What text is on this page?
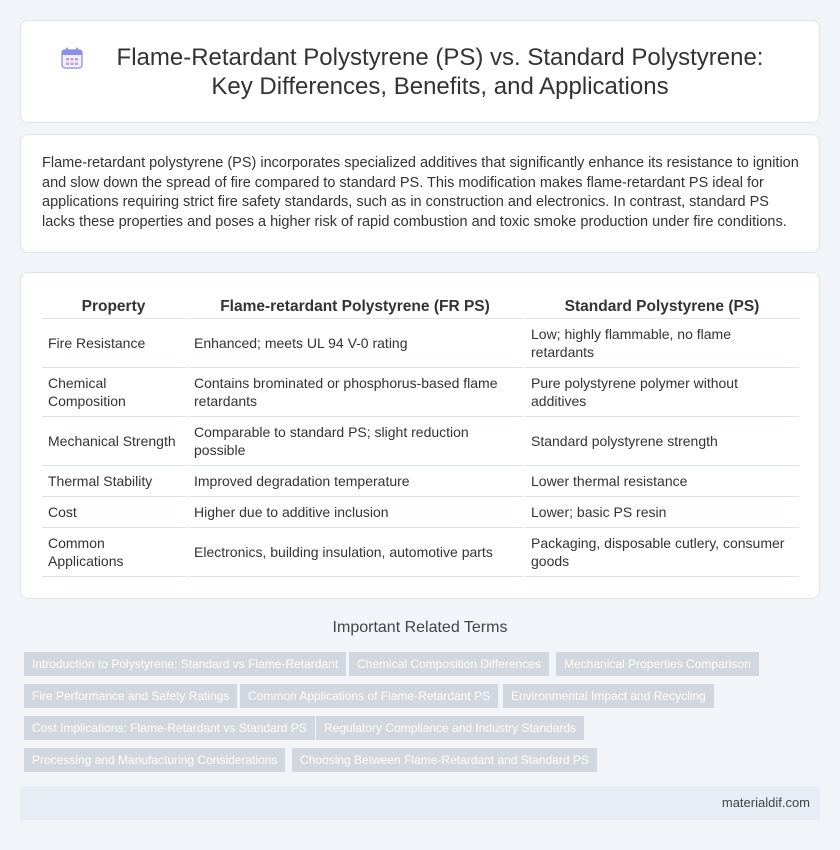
Flame-Retardant Polystyrene (PS) vs. Standard Polystyrene: Key Differences, Benefits, and Applications

Flame-retardant polystyrene (PS) incorporates specialized additives that significantly enhance its resistance to ignition and slow down the spread of fire compared to standard PS. This modification makes flame-retardant PS ideal for applications requiring strict fire safety standards, such as in construction and electronics. In contrast, standard PS lacks these properties and poses a higher risk of rapid combustion and toxic smoke production under fire conditions.

Property	Flame-retardant Polystyrene (FR PS)	Standard Polystyrene (PS)
Fire Resistance	Enhanced; meets UL 94 V-0 rating	Low; highly flammable, no flame retardants
Chemical Composition	Contains brominated or phosphorus-based flame retardants	Pure polystyrene polymer without additives
Mechanical Strength	Comparable to standard PS; slight reduction possible	Standard polystyrene strength
Thermal Stability	Improved degradation temperature	Lower thermal resistance
Cost	Higher due to additive inclusion	Lower; basic PS resin
Common Applications	Electronics, building insulation, automotive parts	Packaging, disposable cutlery, consumer goods
Important Related Terms
Introduction to Polystyrene: Standard vs Flame-Retardant	Chemical Composition Differences	Mechanical Properties Comparison
Fire Performance and Safety Ratings	Common Applications of Flame-Retardant PS	Environmental Impact and Recycling
Cost Implications: Flame-Retardant vs Standard PS	Regulatory Compliance and Industry Standards
Processing and Manufacturing Considerations	Choosing Between Flame-Retardant and Standard PS
materialdif.com
